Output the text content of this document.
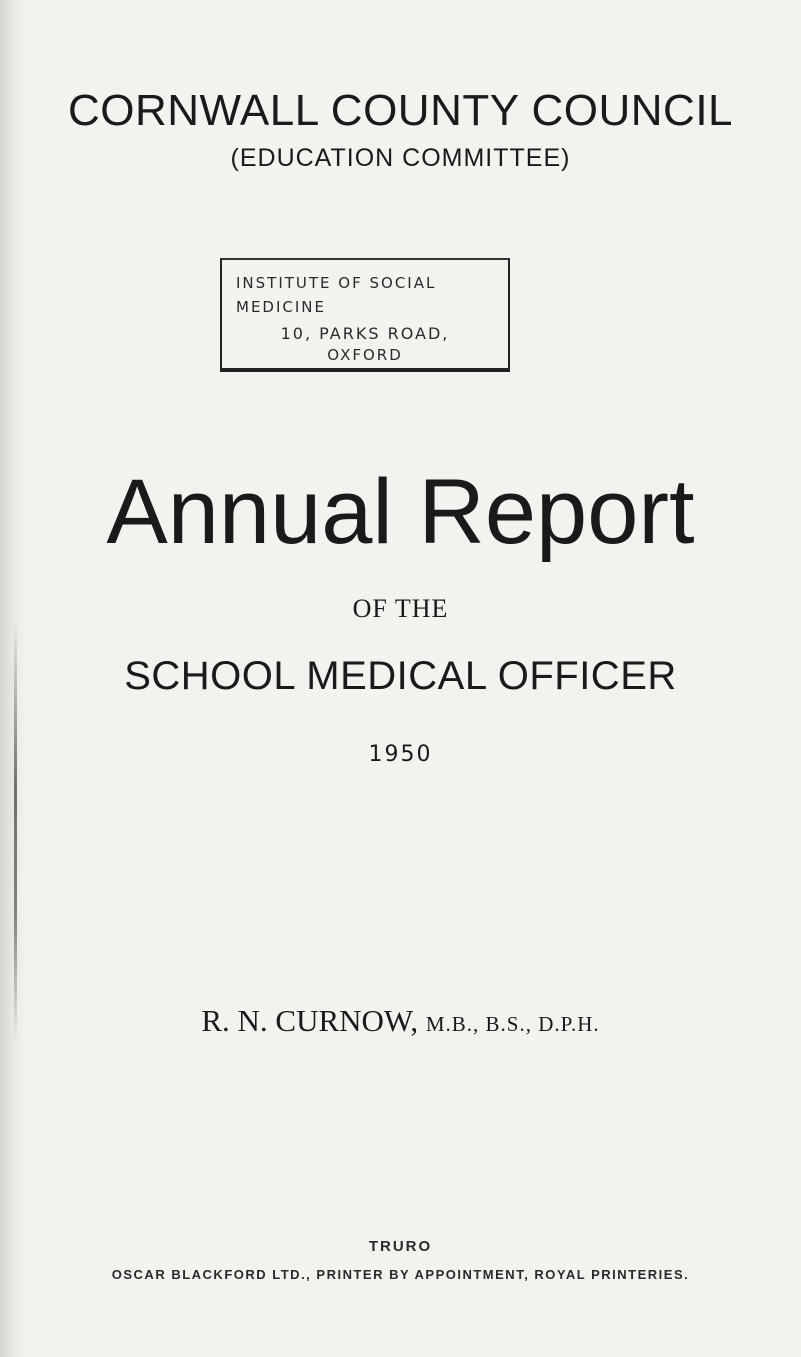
CORNWALL COUNTY COUNCIL
(EDUCATION COMMITTEE)
INSTITUTE OF SOCIAL
MEDICINE
10, PARKS ROAD,
OXFORD
Annual Report
OF THE
SCHOOL MEDICAL OFFICER
1950
R. N. CURNOW, M.B., B.S., D.P.H.
TRURO
OSCAR BLACKFORD LTD., PRINTER BY APPOINTMENT, ROYAL PRINTERIES.
